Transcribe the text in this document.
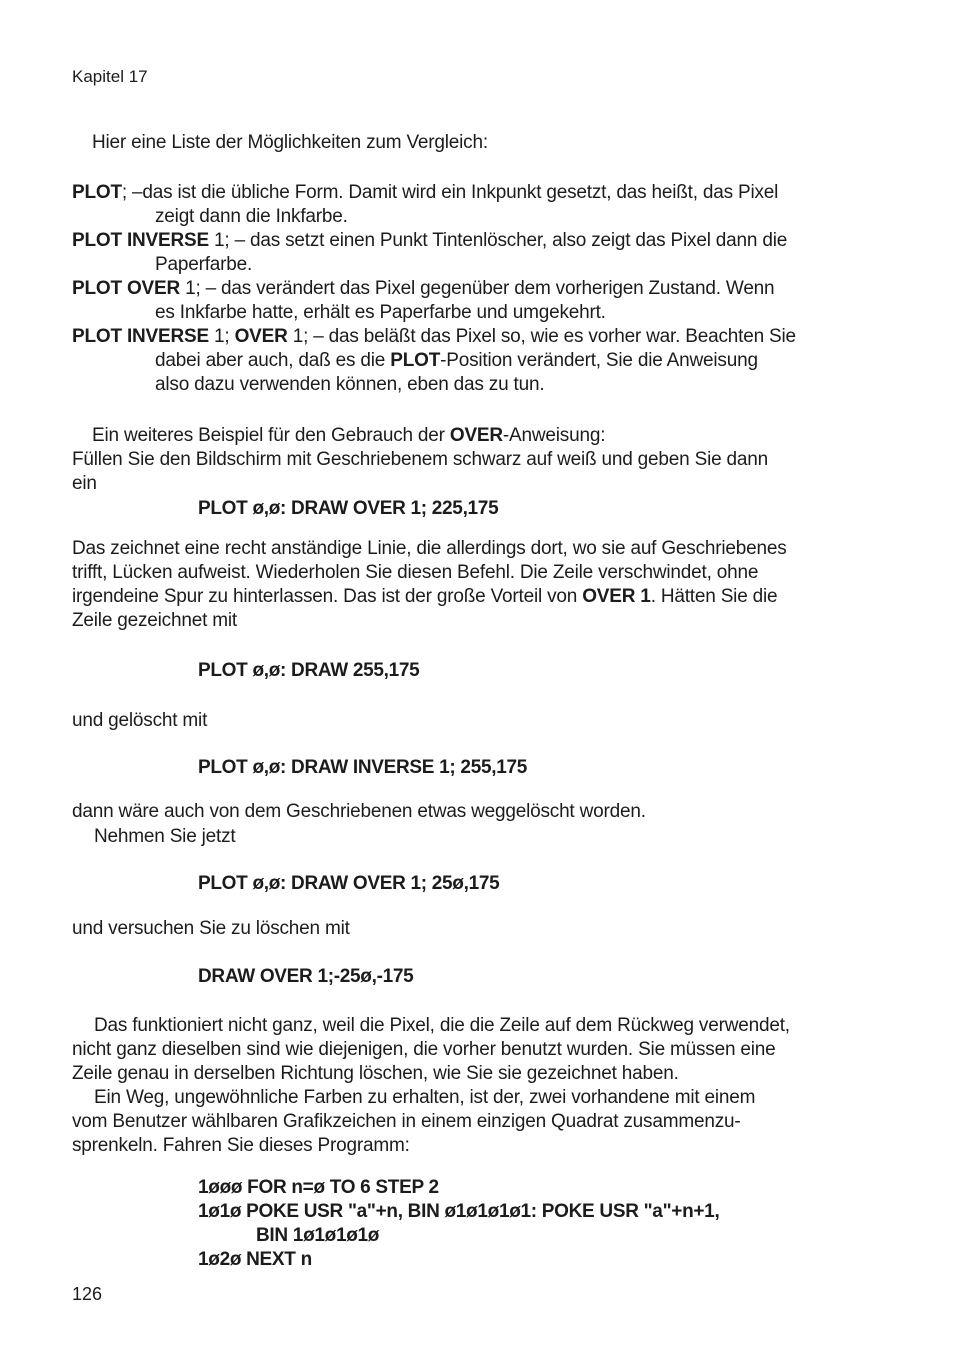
Kapitel 17
Hier eine Liste der Möglichkeiten zum Vergleich:
PLOT; –das ist die übliche Form. Damit wird ein Inkpunkt gesetzt, das heißt, das Pixel
zeigt dann die Inkfarbe.
PLOT INVERSE 1; – das setzt einen Punkt Tintenlöscher, also zeigt das Pixel dann die
Paperfarbe.
PLOT OVER 1; – das verändert das Pixel gegenüber dem vorherigen Zustand. Wenn
es Inkfarbe hatte, erhält es Paperfarbe und umgekehrt.
PLOT INVERSE 1; OVER 1; – das beläßt das Pixel so, wie es vorher war. Beachten Sie
dabei aber auch, daß es die PLOT-Position verändert, Sie die Anweisung
also dazu verwenden können, eben das zu tun.
Ein weiteres Beispiel für den Gebrauch der OVER-Anweisung:
Füllen Sie den Bildschirm mit Geschriebenem schwarz auf weiß und geben Sie dann
ein
PLOT ø,ø: DRAW OVER 1; 225,175
Das zeichnet eine recht anständige Linie, die allerdings dort, wo sie auf Geschriebenes
trifft, Lücken aufweist. Wiederholen Sie diesen Befehl. Die Zeile verschwindet, ohne
irgendeine Spur zu hinterlassen. Das ist der große Vorteil von OVER 1. Hätten Sie die
Zeile gezeichnet mit
PLOT ø,ø: DRAW 255,175
und gelöscht mit
PLOT ø,ø: DRAW INVERSE 1; 255,175
dann wäre auch von dem Geschriebenen etwas weggelöscht worden.
Nehmen Sie jetzt
PLOT ø,ø: DRAW OVER 1; 25ø,175
und versuchen Sie zu löschen mit
DRAW OVER 1;-25ø,-175
Das funktioniert nicht ganz, weil die Pixel, die die Zeile auf dem Rückweg verwendet,
nicht ganz dieselben sind wie diejenigen, die vorher benutzt wurden. Sie müssen eine
Zeile genau in derselben Richtung löschen, wie Sie sie gezeichnet haben.
Ein Weg, ungewöhnliche Farben zu erhalten, ist der, zwei vorhandene mit einem
vom Benutzer wählbaren Grafikzeichen in einem einzigen Quadrat zusammenzu-
sprenkeln. Fahren Sie dieses Programm:
1øøø FOR n=ø TO 6 STEP 2
1ø1ø POKE USR "a"+n, BIN ø1ø1ø1ø1: POKE USR "a"+n+1,
BIN 1ø1ø1ø1ø
1ø2ø NEXT n
126
